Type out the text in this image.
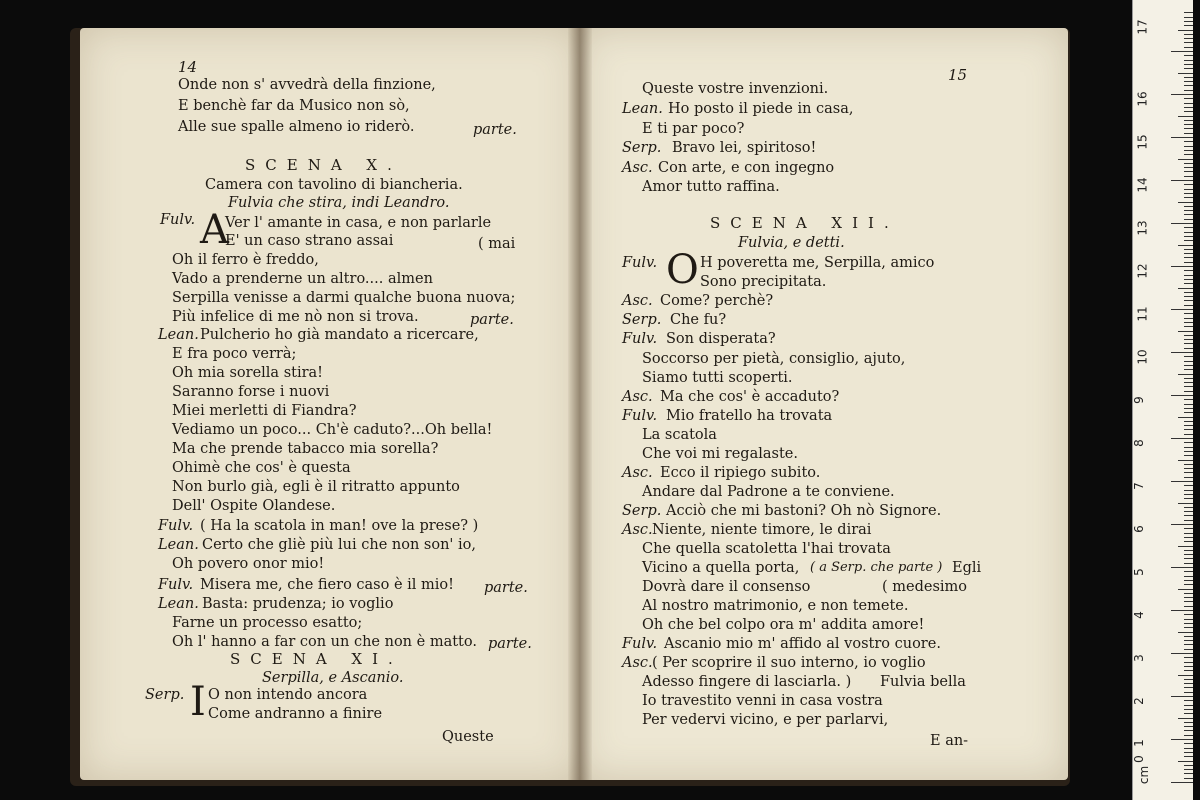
14
Onde non s' avvedrà della finzione,
E benchè far da Musico non sò,
Alle sue spalle almeno io riderò.	parte.
SCENA X.
Camera con tavolino di biancheria.
Fulvia che stira, indi Leandro.
Fulv. A
Ver l' amante in casa, e non parlarle
E' un caso strano assai	( mai
Oh il ferro è freddo,
Vado a prenderne un altro.... almen
Serpilla venisse a darmi qualche buona nuova;
Più infelice di me nò non si trova.	parte.
Lean. Pulcherio ho già mandato a ricercare,
E fra poco verrà;
Oh mia sorella stira!
Saranno forse i nuovi
Miei merletti di Fiandra?
Vediamo un poco... Ch'è caduto?...Oh bella!
Ma che prende tabacco mia sorella?
Ohimè che cos' è questa
Non burlo già, egli è il ritratto appunto
Dell' Ospite Olandese.
Fulv. ( Ha la scatola in man! ove la prese? )
Lean. Certo che gliè più lui che non son' io,
Oh povero onor mio!
Fulv. Misera me, che fiero caso è il mio! parte.
Lean. Basta: prudenza; io voglio
Farne un processo esatto;
Oh l' hanno a far con un che non è matto. parte.
SCENA XI.
Serpilla, e Ascanio.
Serp. I O non intendo ancora
Come andranno a finire
Queste
15
Queste vostre invenzioni.
Lean. Ho posto il piede in casa,
E ti par poco?
Serp. Bravo lei, spiritoso!
Asc. Con arte, e con ingegno
Amor tutto raffina.
SCENA XII.
Fulvia, e detti.
Fulv. O H poveretta me, Serpilla, amico
Sono precipitata.
Asc. Come? perchè?
Serp. Che fu?
Fulv. Son disperata?
Soccorso per pietà, consiglio, ajuto,
Siamo tutti scoperti.
Asc. Ma che cos' è accaduto?
Fulv. Mio fratello ha trovata
La scatola
Che voi mi regalaste.
Asc. Ecco il ripiego subito.
Andare dal Padrone a te conviene.
Serp. Acciò che mi bastoni? Oh nò Signore.
Asc. Niente, niente timore, le dirai
Che quella scatoletta l'hai trovata
Vicino a quella porta, ( a Serp. che parte ) Egli
Dovrà dare il consenso	( medesimo
Al nostro matrimonio, e non temete.
Oh che bel colpo ora m' addita amore!
Fulv. Ascanio mio m' affido al vostro cuore.
Asc. ( Per scoprire il suo interno, io voglio
Adesso fingere di lasciarla. ) Fulvia bella
Io travestito venni in casa vostra
Per vedervi vicino, e per parlarvi,
E an-
cm
0
1
2
3
4
5
6
7
8
9
10
11
12
13
14
15
16
17
